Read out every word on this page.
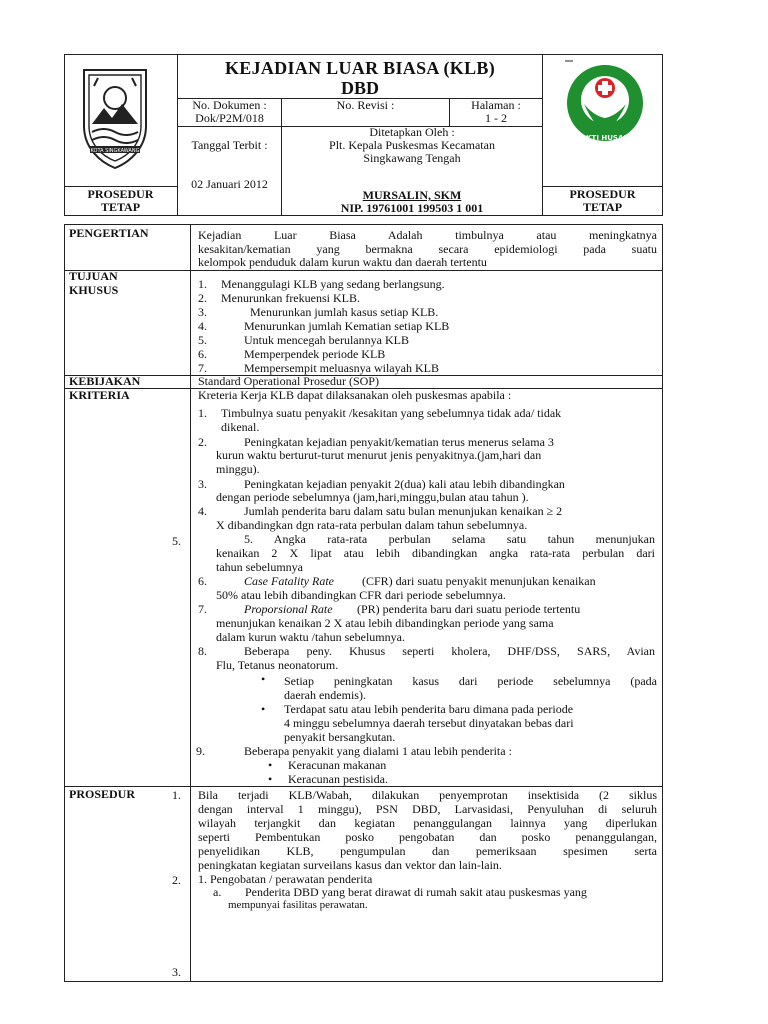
KOTA SINGKAWANG
BAKTI HUSADA
KEJADIAN LUAR BIASA (KLB)
DBD
No. Dokumen :
Dok/P2M/018
No. Revisi :	Halaman :
1 - 2
Tanggal Terbit :
02 Januari 2012
Ditetapkan Oleh :
Plt. Kepala Puskesmas Kecamatan
Singkawang Tengah
MURSALIN, SKM
NIP. 19761001 199503 1 001
PROSEDUR
TETAP
PROSEDUR
TETAP
PENGERTIAN	Kejadian Luar Biasa Adalah timbulnya atau meningkatnya
kesakitan/kematian yang bermakna secara epidemiologi pada suatu
kelompok penduduk dalam kurun waktu dan daerah tertentu
TUJUAN
KHUSUS	1. Menanggulagi KLB yang sedang berlangsung.
2. Menurunkan frekuensi KLB.
3.	Menurunkan jumlah kasus setiap KLB.
4.	Menurunkan jumlah Kematian setiap KLB
5.	Untuk mencegah berulannya KLB
6.	Memperpendek periode KLB
7.	Mempersempit meluasnya wilayah KLB
KEBIJAKAN	Standard Operational Prosedur (SOP)
KRITERIA	Kreteria Kerja KLB dapat dilaksanakan oleh puskesmas apabila :
1. Timbulnya suatu penyakit /kesakitan yang sebelumnya tidak ada/ tidak
dikenal.
2.	Peningkatan kejadian penyakit/kematian terus menerus selama 3
kurun waktu berturut-turut menurut jenis penyakitnya.(jam,hari dan
minggu).
3.	Peningkatan kejadian penyakit 2(dua) kali atau lebih dibandingkan
dengan periode sebelumnya (jam,hari,minggu,bulan atau tahun ).
4.	Jumlah penderita baru dalam satu bulan menunjukan kenaikan ≥ 2
X dibandingkan dgn rata-rata perbulan dalam tahun sebelumnya.
5.	5. Angka rata-rata perbulan selama satu tahun menunjukan
kenaikan 2 X lipat atau lebih dibandingkan angka rata-rata perbulan dari
tahun sebelumnya
6.	Case Fatality Rate (CFR) dari suatu penyakit menunjukan kenaikan
50% atau lebih dibandingkan CFR dari periode sebelumnya.
7.	Proporsional Rate (PR) penderita baru dari suatu periode tertentu
menunjukan kenaikan 2 X atau lebih dibandingkan periode yang sama
dalam kurun waktu /tahun sebelumnya.
8.	Beberapa peny. Khusus seperti kholera, DHF/DSS, SARS, Avian
Flu, Tetanus neonatorum.
• Setiap peningkatan kasus dari periode sebelumnya (pada
daerah endemis).
• Terdapat satu atau lebih penderita baru dimana pada periode
4 minggu sebelumnya daerah tersebut dinyatakan bebas dari
penyakit bersangkutan.
9.	Beberapa penyakit yang dialami 1 atau lebih penderita :
• Keracunan makanan
• Keracunan pestisida.
PROSEDUR	1. Bila terjadi KLB/Wabah, dilakukan penyemprotan insektisida (2 siklus
dengan interval 1 minggu), PSN DBD, Larvasidasi, Penyuluhan di seluruh
wilayah terjangkit dan kegiatan penanggulangan lainnya yang diperlukan
seperti Pembentukan posko pengobatan dan posko penanggulangan,
penyelidikan KLB, pengumpulan dan pemeriksaan spesimen serta
peningkatan kegiatan surveilans kasus dan vektor dan lain-lain.
2. 1. Pengobatan / perawatan penderita
a. Penderita DBD yang berat dirawat di rumah sakit atau puskesmas yang
mempunyai fasilitas perawatan.
3.
